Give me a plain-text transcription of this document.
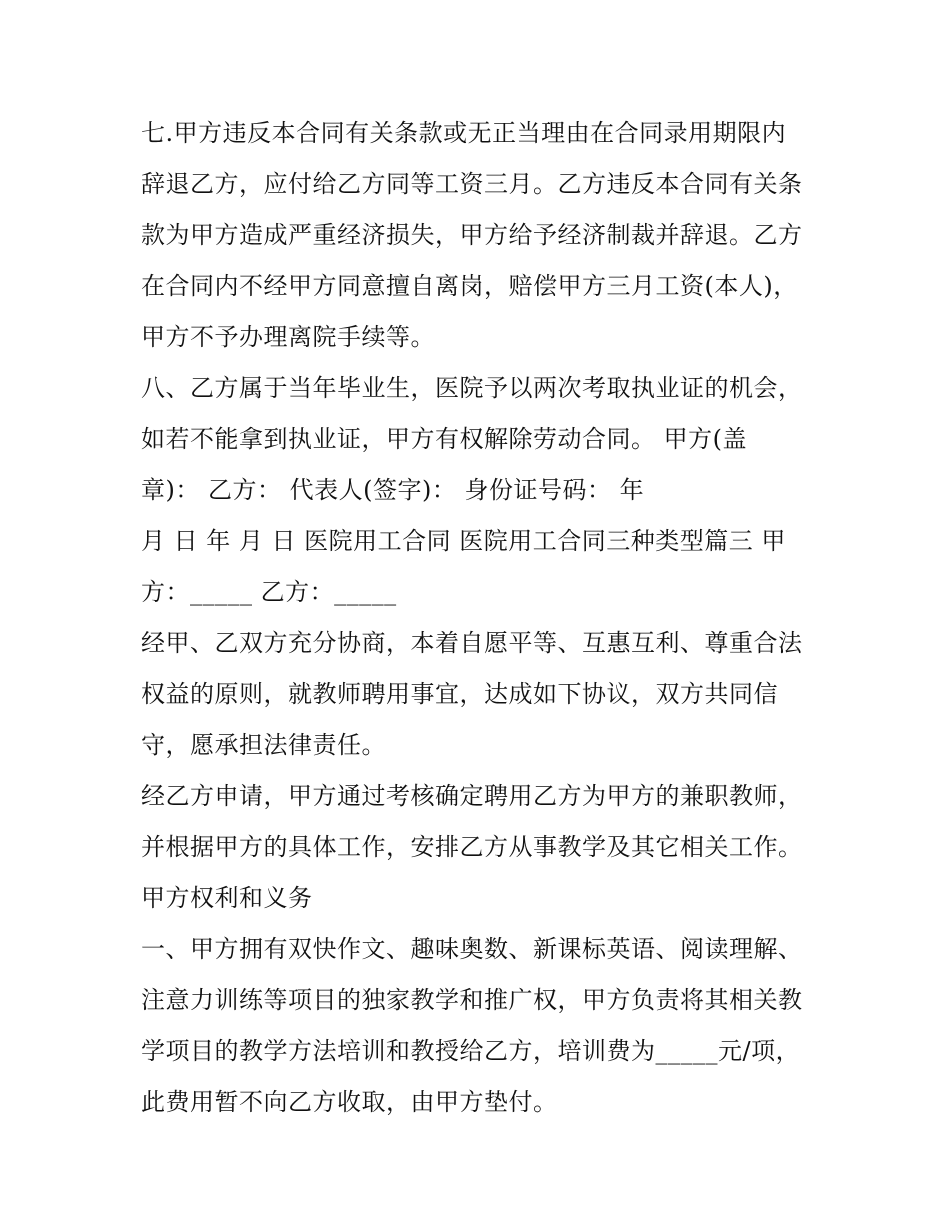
七.甲方违反本合同有关条款或无正当理由在合同录用期限内
辞退乙方，应付给乙方同等工资三月。乙方违反本合同有关条
款为甲方造成严重经济损失，甲方给予经济制裁并辞退。乙方
在合同内不经甲方同意擅自离岗，赔偿甲方三月工资(本人)，
甲方不予办理离院手续等。
八、乙方属于当年毕业生，医院予以两次考取执业证的机会，
如若不能拿到执业证，甲方有权解除劳动合同。 甲方(盖
章)： 乙方： 代表人(签字)： 身份证号码： 年
月 日 年 月 日 医院用工合同 医院用工合同三种类型篇三 甲
方：_____ 乙方：_____
经甲、乙双方充分协商，本着自愿平等、互惠互利、尊重合法
权益的原则，就教师聘用事宜，达成如下协议，双方共同信
守，愿承担法律责任。
经乙方申请，甲方通过考核确定聘用乙方为甲方的兼职教师，
并根据甲方的具体工作，安排乙方从事教学及其它相关工作。
甲方权利和义务
一、甲方拥有双快作文、趣味奥数、新课标英语、阅读理解、
注意力训练等项目的独家教学和推广权，甲方负责将其相关教
学项目的教学方法培训和教授给乙方，培训费为_____元/项，
此费用暂不向乙方收取，由甲方垫付。
